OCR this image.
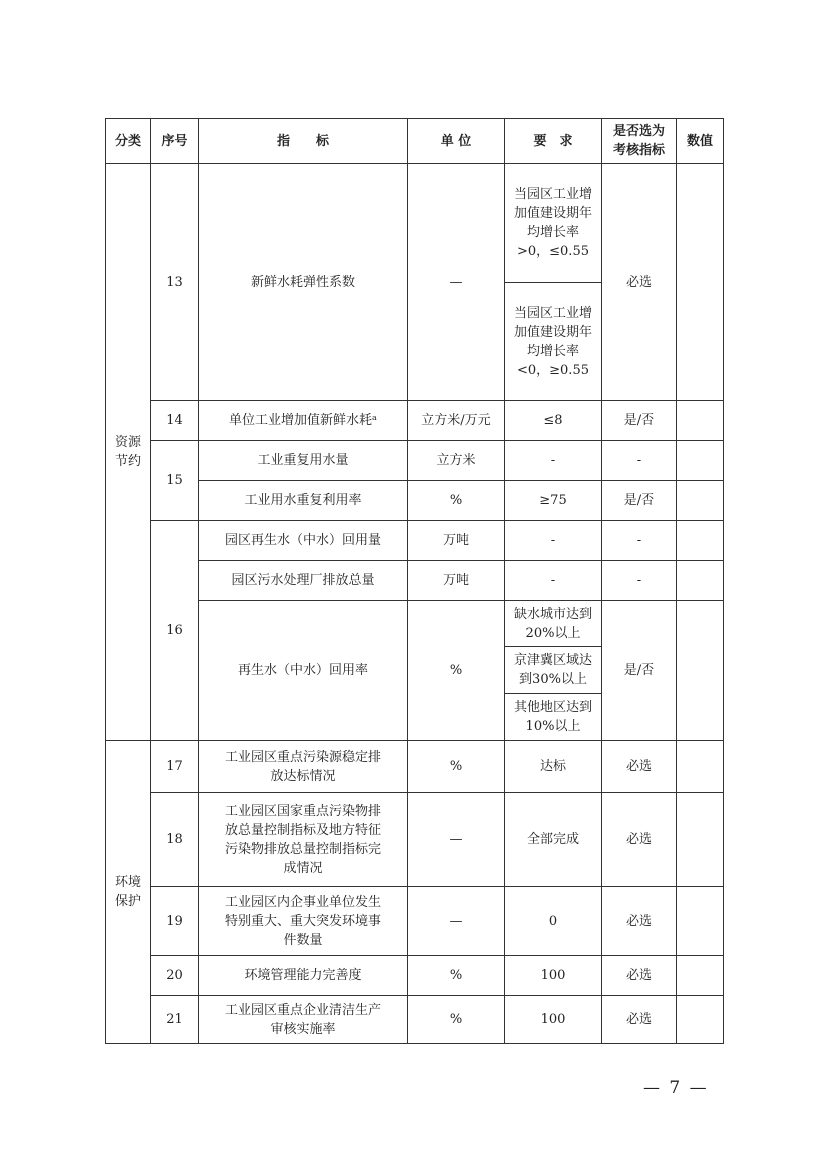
分类	序号	指　　标	单 位	要　求	是否选为考核指标	数值
资源节约	13	新鲜水耗弹性系数	—	当园区工业增加值建设期年均增长率>0，≤0.55	必选	
				当园区工业增加值建设期年均增长率<0，≥0.55		
	14	单位工业增加值新鲜水耗ᵃ	立方米/万元	≤8	是/否	
	15	工业重复用水量	立方米	-	-	
		工业用水重复利用率	%	≥75	是/否	
	16	园区再生水（中水）回用量	万吨	-	-	
		园区污水处理厂排放总量	万吨	-	-	
		再生水（中水）回用率	%	缺水城市达到20%以上	是/否	
				京津冀区域达到30%以上		
				其他地区达到10%以上		
环境保护	17	工业园区重点污染源稳定排放达标情况	%	达标	必选	
	18	工业园区国家重点污染物排放总量控制指标及地方特征污染物排放总量控制指标完成情况	—	全部完成	必选	
	19	工业园区内企事业单位发生特别重大、重大突发环境事件数量	—	0	必选	
	20	环境管理能力完善度	%	100	必选	
	21	工业园区重点企业清洁生产审核实施率	%	100	必选	
— 7 —
